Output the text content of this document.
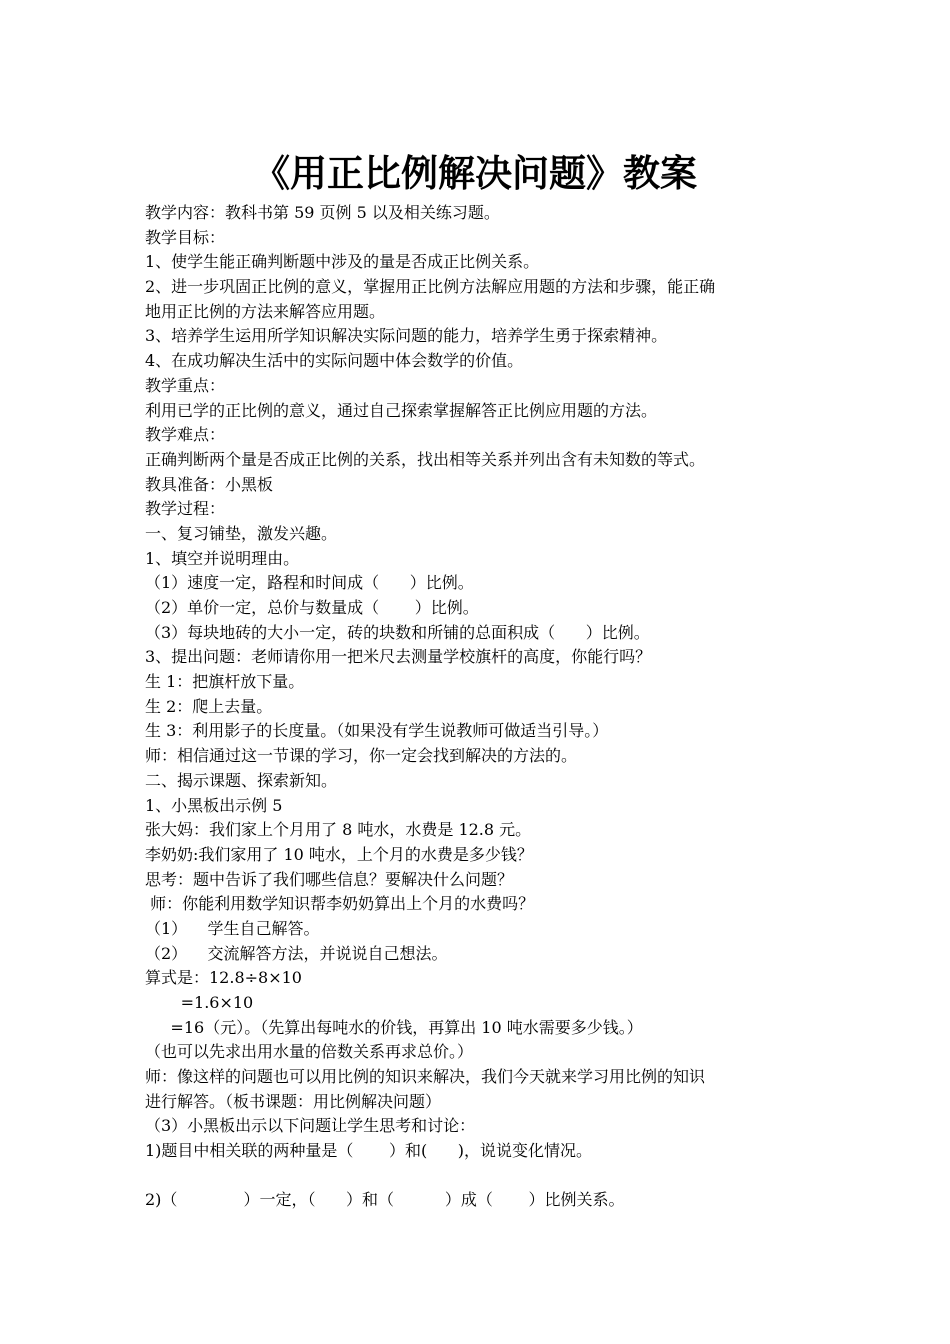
《用正比例解决问题》教案
教学内容：教科书第 59 页例 5 以及相关练习题。
教学目标：
1、使学生能正确判断题中涉及的量是否成正比例关系。
2、进一步巩固正比例的意义，掌握用正比例方法解应用题的方法和步骤，能正确
地用正比例的方法来解答应用题。
3、培养学生运用所学知识解决实际问题的能力，培养学生勇于探索精神。
4、在成功解决生活中的实际问题中体会数学的价值。
教学重点：
利用已学的正比例的意义，通过自己探索掌握解答正比例应用题的方法。
教学难点：
正确判断两个量是否成正比例的关系，找出相等关系并列出含有未知数的等式。
教具准备：小黑板
教学过程：
一、复习铺垫，激发兴趣。
1、填空并说明理由。
（1）速度一定，路程和时间成（      ）比例。
（2）单价一定，总价与数量成（       ）比例。
（3）每块地砖的大小一定，砖的块数和所铺的总面积成（      ）比例。
3、提出问题：老师请你用一把米尺去测量学校旗杆的高度，你能行吗？
生 1：把旗杆放下量。
生 2：爬上去量。
生 3：利用影子的长度量。（如果没有学生说教师可做适当引导。）
师：相信通过这一节课的学习，你一定会找到解决的方法的。
二、揭示课题、探索新知。
1、小黑板出示例 5
张大妈：我们家上个月用了 8 吨水，水费是 12.8 元。
李奶奶:我们家用了 10 吨水，上个月的水费是多少钱？
思考：题中告诉了我们哪些信息？要解决什么问题？
师：你能利用数学知识帮李奶奶算出上个月的水费吗？
（1）    学生自己解答。
（2）    交流解答方法，并说说自己想法。
算式是：12.8÷8×10
=1.6×10
=16（元）。（先算出每吨水的价钱，再算出 10 吨水需要多少钱。）
（也可以先求出用水量的倍数关系再求总价。）
师：像这样的问题也可以用比例的知识来解决，我们今天就来学习用比例的知识
进行解答。（板书课题：用比例解决问题）
（3）小黑板出示以下问题让学生思考和讨论：
1)题目中相关联的两种量是（       ）和(      )，说说变化情况。
2)（             ）一定，（      ）和（          ）成（       ）比例关系。
